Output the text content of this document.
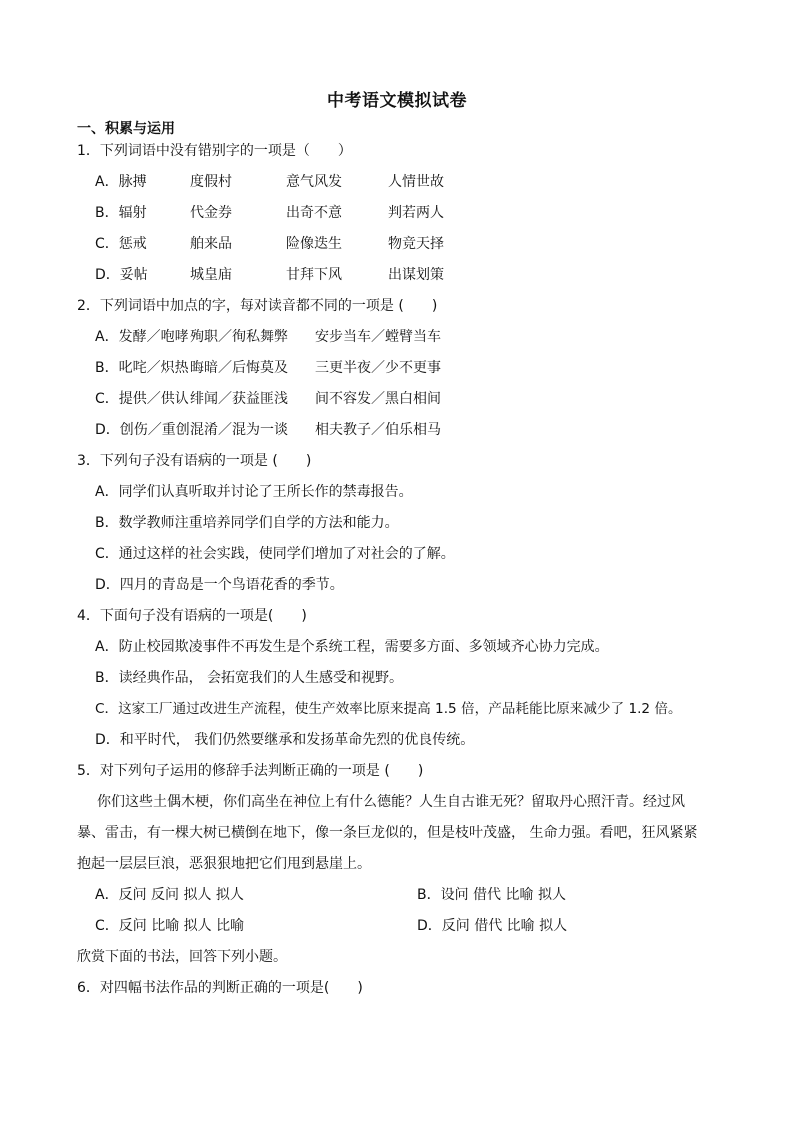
中考语文模拟试卷
一、积累与运用
1．下列词语中没有错别字的一项是（　　）
A．脉搏	度假村	意气风发	人情世故
B．辐射	代金券	出奇不意	判若两人
C．惩戒	舶来品	险像迭生	物竞天择
D．妥帖	城皇庙	甘拜下风	出谋划策
2．下列词语中加点的字，每对读音都不同的一项是 (　　)
A．发酵／咆哮殉职／徇私舞弊 安步当车／螳臂当车
B．叱咤／炽热晦暗／后悔莫及 三更半夜／少不更事
C．提供／供认绯闻／获益匪浅 间不容发／黑白相间
D．创伤／重创混淆／混为一谈 相夫教子／伯乐相马
3．下列句子没有语病的一项是 (　　)
A．同学们认真听取并讨论了王所长作的禁毒报告。
B．数学教师注重培养同学们自学的方法和能力。
C．通过这样的社会实践，使同学们增加了对社会的了解。
D．四月的青岛是一个鸟语花香的季节。
4．下面句子没有语病的一项是(　　)
A．防止校园欺凌事件不再发生是个系统工程，需要多方面、多领域齐心协力完成。
B．读经典作品， 会拓宽我们的人生感受和视野。
C．这家工厂通过改进生产流程，使生产效率比原来提高 1.5 倍，产品耗能比原来减少了 1.2 倍。
D．和平时代， 我们仍然要继承和发扬革命先烈的优良传统。
5．对下列句子运用的修辞手法判断正确的一项是 (　　)
你们这些土偶木梗，你们高坐在神位上有什么德能？人生自古谁无死？留取丹心照汗青。经过风
暴、雷击，有一棵大树已横倒在地下，像一条巨龙似的，但是枝叶茂盛， 生命力强。看吧，狂风紧紧
抱起一层层巨浪，恶狠狠地把它们甩到悬崖上。
A．反问 反问 拟人 拟人	B．设问 借代 比喻 拟人
C．反问 比喻 拟人 比喻	D．反问 借代 比喻 拟人
欣赏下面的书法，回答下列小题。
6．对四幅书法作品的判断正确的一项是(　　)
